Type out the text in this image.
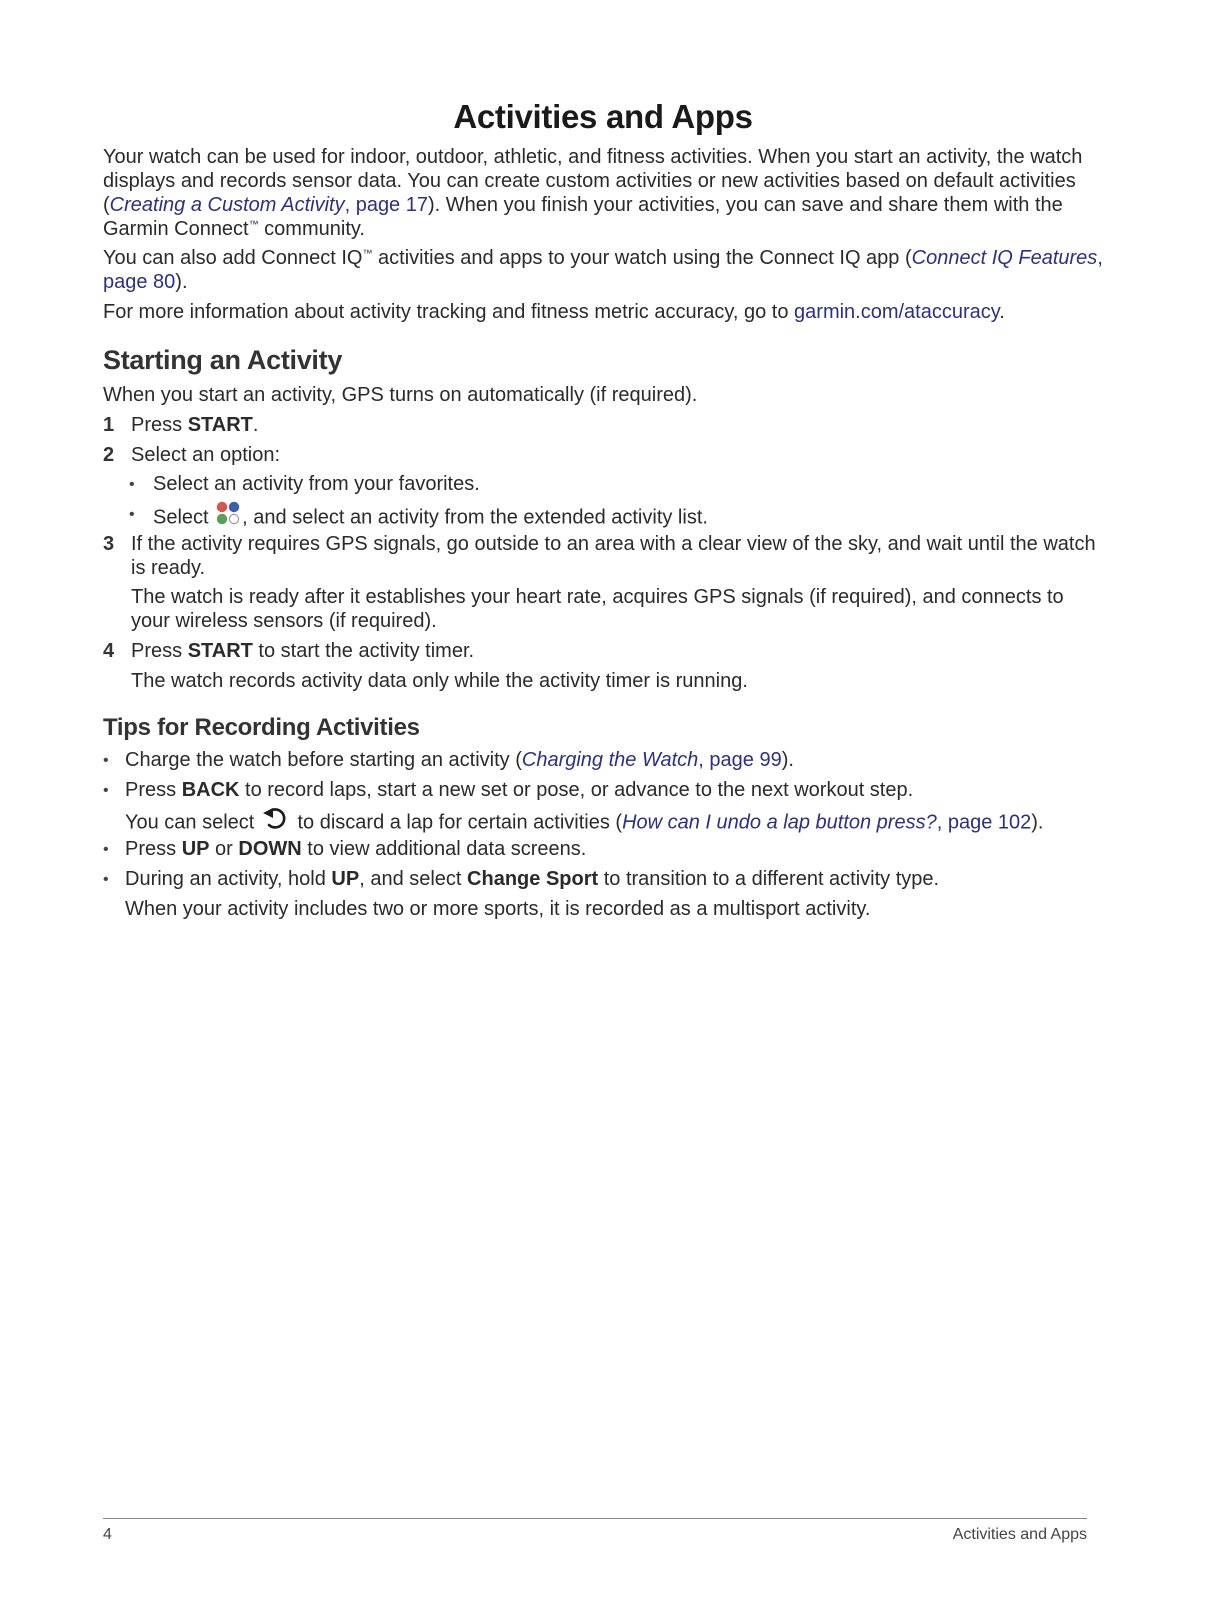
Activities and Apps

Your watch can be used for indoor, outdoor, athletic, and fitness activities. When you start an activity, the watch displays and records sensor data. You can create custom activities or new activities based on default activities (Creating a Custom Activity, page 17). When you finish your activities, you can save and share them with the Garmin Connect™ community.

You can also add Connect IQ™ activities and apps to your watch using the Connect IQ app (Connect IQ Features, page 80).

For more information about activity tracking and fitness metric accuracy, go to garmin.com/ataccuracy.

Starting an Activity

When you start an activity, GPS turns on automatically (if required).

1 Press START.
2 Select an option:
• Select an activity from your favorites.
• Select , and select an activity from the extended activity list.
3 If the activity requires GPS signals, go outside to an area with a clear view of the sky, and wait until the watch is ready.

The watch is ready after it establishes your heart rate, acquires GPS signals (if required), and connects to your wireless sensors (if required).

4 Press START to start the activity timer.

The watch records activity data only while the activity timer is running.

Tips for Recording Activities
• Charge the watch before starting an activity (Charging the Watch, page 99).
• Press BACK to record laps, start a new set or pose, or advance to the next workout step.
You can select  to discard a lap for certain activities (How can I undo a lap button press?, page 102).
• Press UP or DOWN to view additional data screens.
• During an activity, hold UP, and select Change Sport to transition to a different activity type.

When your activity includes two or more sports, it is recorded as a multisport activity.

4	Activities and Apps
